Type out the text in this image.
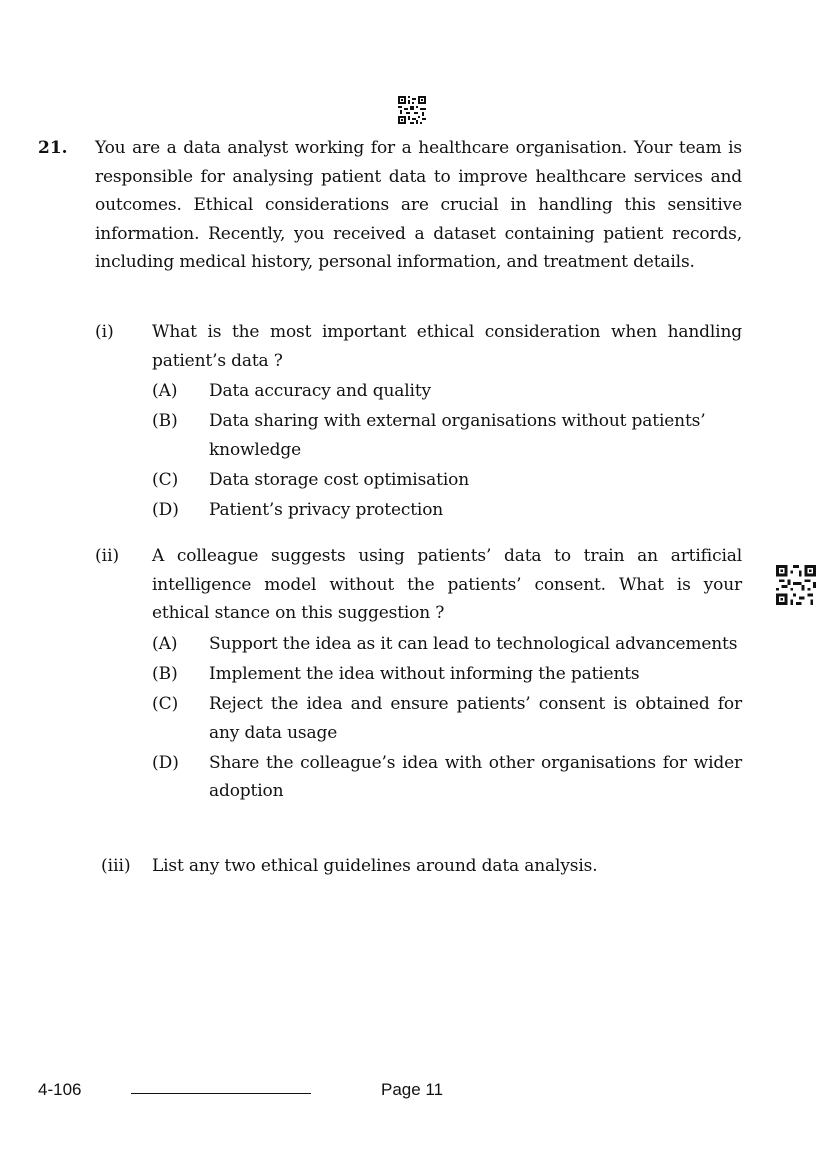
21. You are a data analyst working for a healthcare organisation. Your team is responsible for analysing patient data to improve healthcare services and outcomes. Ethical considerations are crucial in handling this sensitive information. Recently, you received a dataset containing patient records, including medical history, personal information, and treatment details.
(i) What is the most important ethical consideration when handling patient’s data ?
(A) Data accuracy and quality
(B) Data sharing with external organisations without patients’ knowledge
(C) Data storage cost optimisation
(D) Patient’s privacy protection
(ii) A colleague suggests using patients’ data to train an artificial intelligence model without the patients’ consent. What is your ethical stance on this suggestion ?
(A) Support the idea as it can lead to technological advancements
(B) Implement the idea without informing the patients
(C) Reject the idea and ensure patients’ consent is obtained for any data usage
(D) Share the colleague’s idea with other organisations for wider adoption
(iii) List any two ethical guidelines around data analysis.
4-106	Page 11
